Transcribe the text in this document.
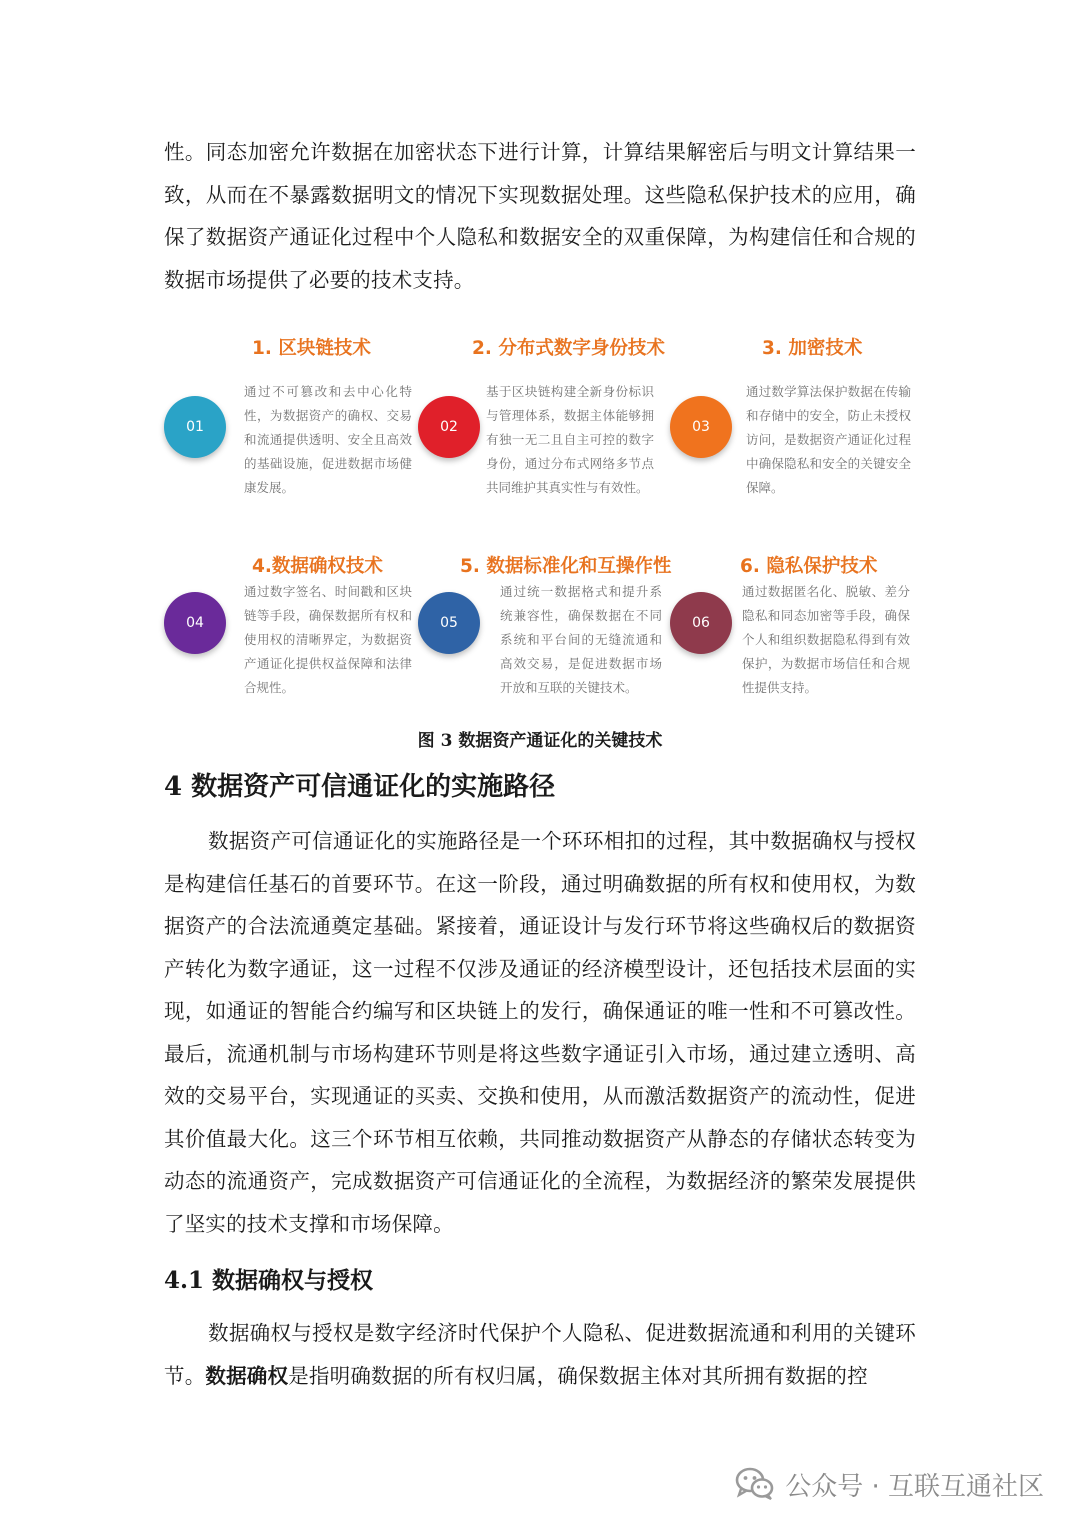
性。同态加密允许数据在加密状态下进行计算，计算结果解密后与明文计算结果一致，从而在不暴露数据明文的情况下实现数据处理。这些隐私保护技术的应用，确保了数据资产通证化过程中个人隐私和数据安全的双重保障，为构建信任和合规的数据市场提供了必要的技术支持。

1. 区块链技术
01

通过不可篡改和去中心化特性，为数据资产的确权、交易和流通提供透明、安全且高效的基础设施，促进数据市场健康发展。

2. 分布式数字身份技术
02

基于区块链构建全新身份标识与管理体系，数据主体能够拥有独一无二且自主可控的数字身份，通过分布式网络多节点共同维护其真实性与有效性。

3. 加密技术
03

通过数学算法保护数据在传输和存储中的安全，防止未授权访问，是数据资产通证化过程中确保隐私和安全的关键安全保障。

4.数据确权技术
04

通过数字签名、时间戳和区块链等手段，确保数据所有权和使用权的清晰界定，为数据资产通证化提供权益保障和法律合规性。

5. 数据标准化和互操作性
05

通过统一数据格式和提升系统兼容性，确保数据在不同系统和平台间的无缝流通和高效交易，是促进数据市场开放和互联的关键技术。

6. 隐私保护技术
06

通过数据匿名化、脱敏、差分隐私和同态加密等手段，确保个人和组织数据隐私得到有效保护，为数据市场信任和合规性提供支持。

图 3 数据资产通证化的关键技术
4 数据资产可信通证化的实施路径

数据资产可信通证化的实施路径是一个环环相扣的过程，其中数据确权与授权是构建信任基石的首要环节。在这一阶段，通过明确数据的所有权和使用权，为数据资产的合法流通奠定基础。紧接着，通证设计与发行环节将这些确权后的数据资产转化为数字通证，这一过程不仅涉及通证的经济模型设计，还包括技术层面的实现，如通证的智能合约编写和区块链上的发行，确保通证的唯一性和不可篡改性。最后，流通机制与市场构建环节则是将这些数字通证引入市场，通过建立透明、高效的交易平台，实现通证的买卖、交换和使用，从而激活数据资产的流动性，促进其价值最大化。这三个环节相互依赖，共同推动数据资产从静态的存储状态转变为动态的流通资产，完成数据资产可信通证化的全流程，为数据经济的繁荣发展提供了坚实的技术支撑和市场保障。

4.1 数据确权与授权

数据确权与授权是数字经济时代保护个人隐私、促进数据流通和利用的关键环节。数据确权是指明确数据的所有权归属，确保数据主体对其所拥有数据的控

公众号 · 互联互通社区
